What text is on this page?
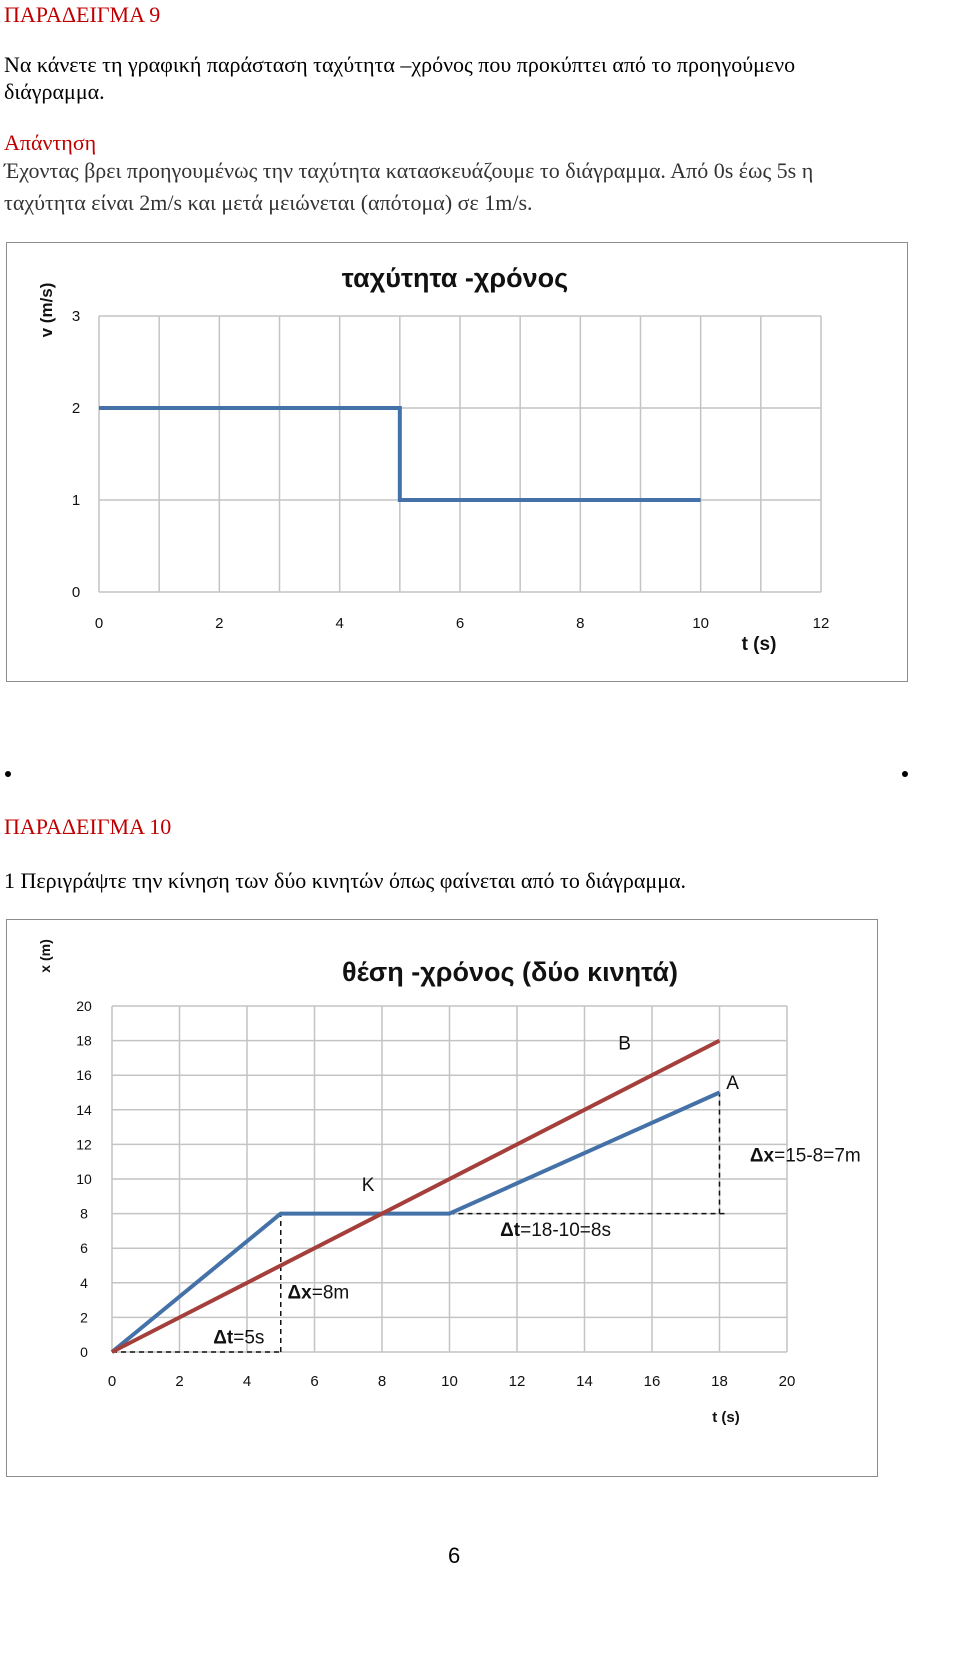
ΠΑΡΑΔΕΙΓΜΑ 9
Να κάνετε τη γραφική παράσταση ταχύτητα –χρόνος που προκύπτει από το προηγούμενο
διάγραμμα.
Απάντηση
Έχοντας βρει προηγουμένως την ταχύτητα κατασκευάζουμε το διάγραμμα. Από 0s έως 5s η
ταχύτητα είναι 2m/s και μετά μειώνεται (απότομα) σε 1m/s.
0	2	4	6	8	10	12
0
1
2
3
ταχύτητα -χρόνος
v (m/s)
t (s)
ΠΑΡΑΔΕΙΓΜΑ 10
1 Περιγράψτε την κίνηση των δύο κινητών όπως φαίνεται από το διάγραμμα.
0	2	4	6	8	10	12	14	16	18	20
0
2
4
6
8
10
12
14
16
18
20
Δt=5s
Δx=8m
K
Δt=18-10=8s
Δx=15-8=7m
B
A
θέση -χρόνος (δύο κινητά)
x (m)
t (s)
6
